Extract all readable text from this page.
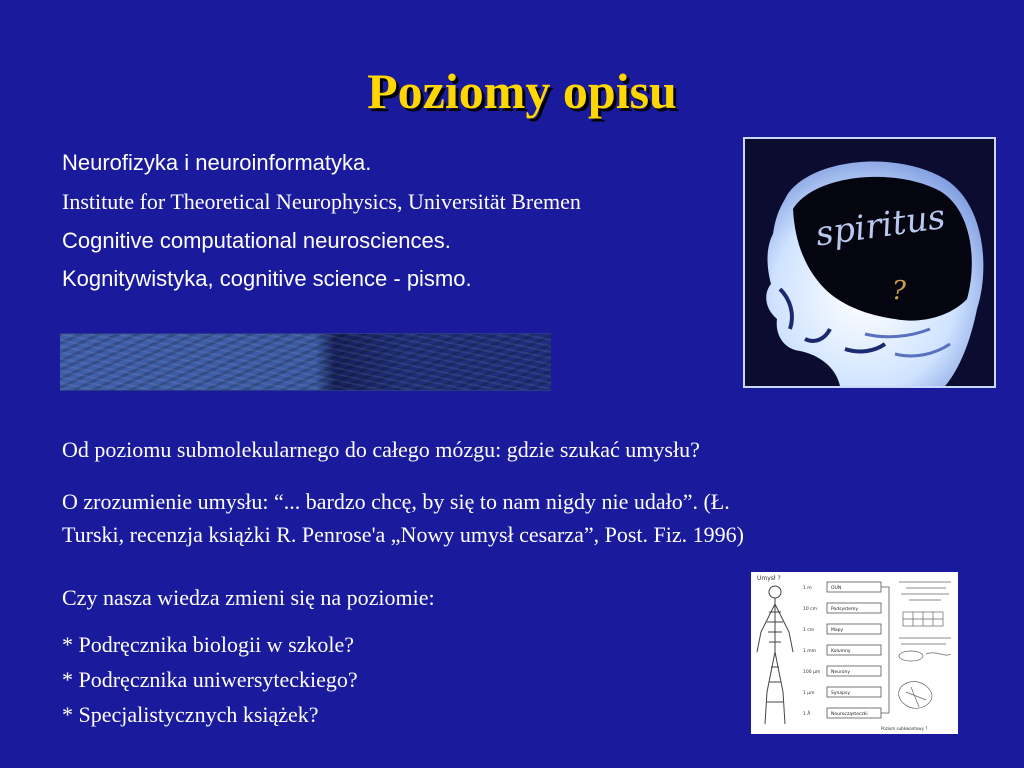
Poziomy opisu
Neurofizyka i neuroinformatyka.
Institute for Theoretical Neurophysics, Universität Bremen
Cognitive computational neurosciences.
Kognitywistyka, cognitive science - pismo.
spiritus
?
Od poziomu submolekularnego do całego mózgu: gdzie szukać umysłu?
O zrozumienie umysłu: “... bardzo chcę, by się to nam nigdy nie udało”. (Ł.
Turski, recenzja książki R. Penrose'a „Nowy umysł cesarza”, Post. Fiz. 1996)
Czy nasza wiedza zmieni się na poziomie:
* Podręcznika biologii w szkole?
* Podręcznika uniwersyteckiego?
* Specjalistycznych książek?
Umysł ?
1 m
10 cm
1 cm
1 mm
100 µm
1 µm
1 Å
OUN
Podsystemy
Mapy
Kolumny
Neurony
Synapsy
Neurocząsteczki
Poziom subkwantowy ?
